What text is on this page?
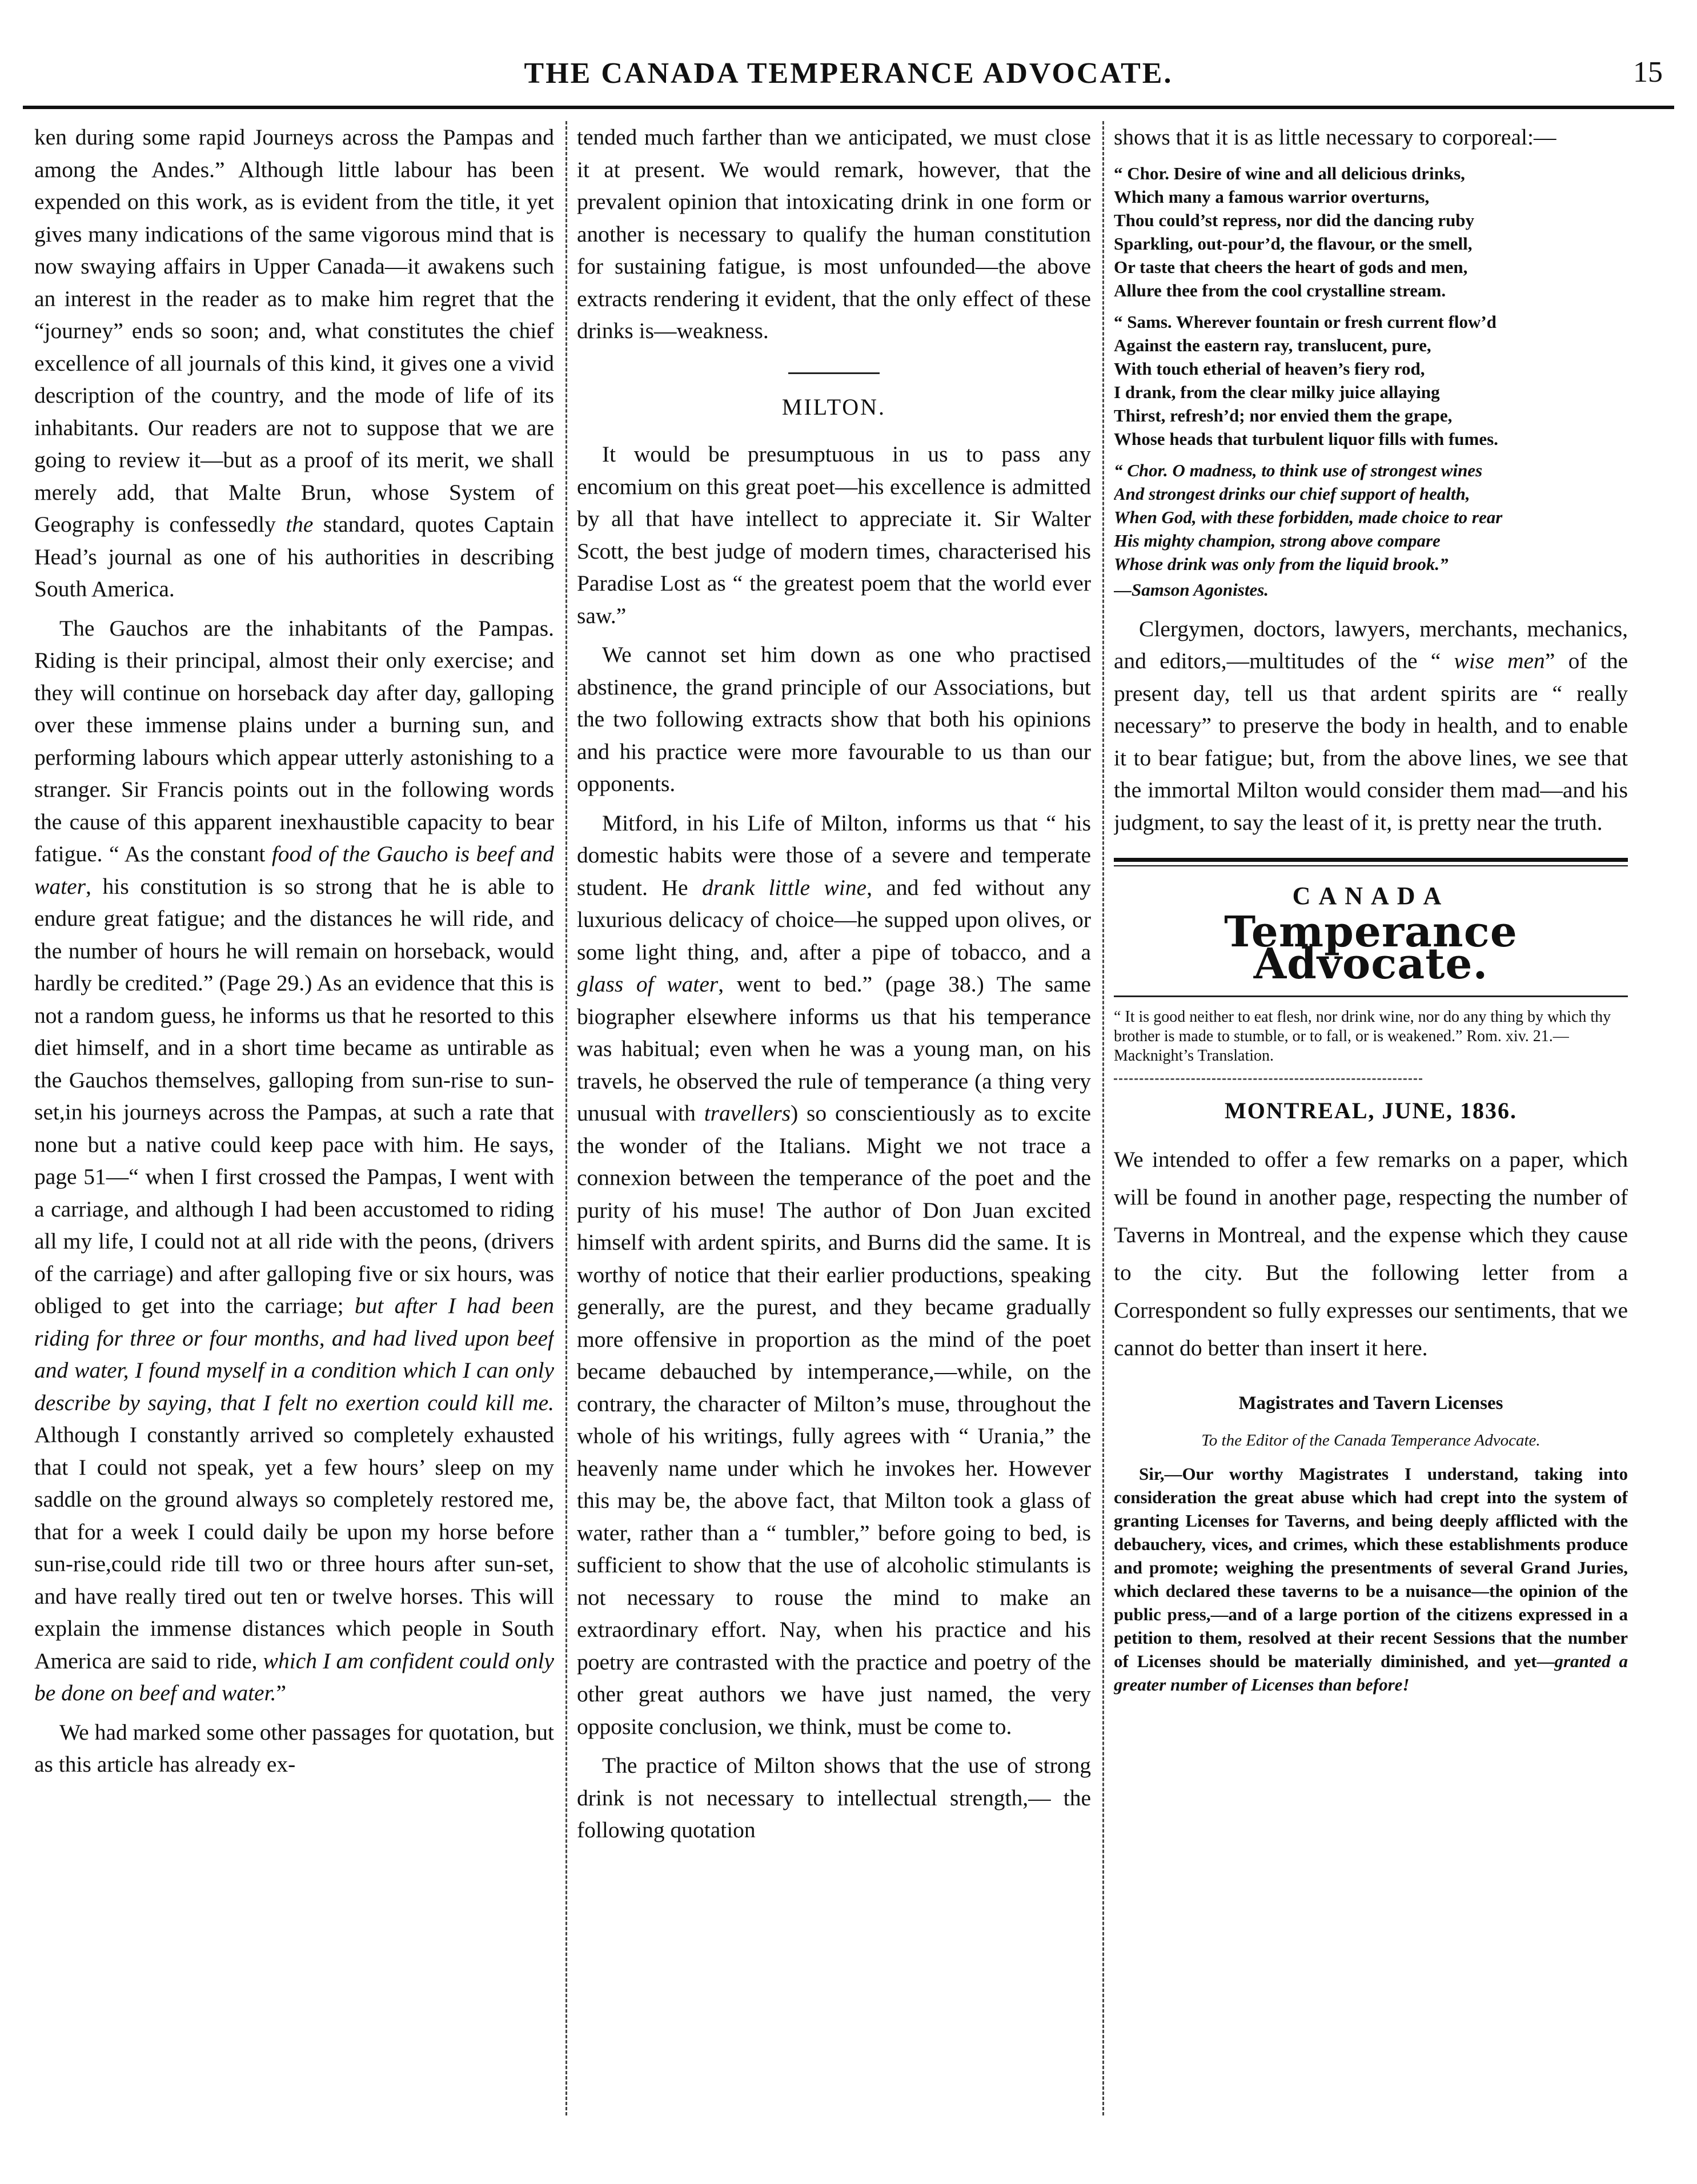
THE CANADA TEMPERANCE ADVOCATE.	15

ken during some rapid Journeys across the Pampas and among the Andes.” Although little labour has been expended on this work, as is evident from the title, it yet gives many indications of the same vigorous mind that is now swaying affairs in Upper Canada—it awakens such an interest in the reader as to make him regret that the “journey” ends so soon; and, what constitutes the chief excellence of all journals of this kind, it gives one a vivid description of the country, and the mode of life of its inhabitants. Our readers are not to suppose that we are going to review it—but as a proof of its merit, we shall merely add, that Malte Brun, whose System of Geography is confessedly the standard, quotes Captain Head’s journal as one of his authorities in describing South America.

The Gauchos are the inhabitants of the Pampas. Riding is their principal, almost their only exercise; and they will continue on horseback day after day, galloping over these immense plains under a burning sun, and performing labours which appear utterly astonishing to a stranger. Sir Francis points out in the following words the cause of this apparent inexhaustible capacity to bear fatigue. “ As the constant food of the Gaucho is beef and water, his constitution is so strong that he is able to endure great fatigue; and the distances he will ride, and the number of hours he will remain on horseback, would hardly be credited.” (Page 29.) As an evidence that this is not a random guess, he informs us that he resorted to this diet himself, and in a short time became as untirable as the Gauchos themselves, galloping from sun-rise to sun-set,in his journeys across the Pampas, at such a rate that none but a native could keep pace with him. He says, page 51—“ when I first crossed the Pampas, I went with a carriage, and although I had been accustomed to riding all my life, I could not at all ride with the peons, (drivers of the carriage) and after galloping five or six hours, was obliged to get into the carriage; but after I had been riding for three or four months, and had lived upon beef and water, I found myself in a condition which I can only describe by saying, that I felt no exertion could kill me. Although I constantly arrived so completely exhausted that I could not speak, yet a few hours’ sleep on my saddle on the ground always so completely restored me, that for a week I could daily be upon my horse before sun-rise,could ride till two or three hours after sun-set, and have really tired out ten or twelve horses. This will explain the immense distances which people in South America are said to ride, which I am confident could only be done on beef and water.”

We had marked some other passages for quotation, but as this article has already ex-

tended much farther than we anticipated, we must close it at present. We would remark, however, that the prevalent opinion that intoxicating drink in one form or another is necessary to qualify the human constitution for sustaining fatigue, is most unfounded—the above extracts rendering it evident, that the only effect of these drinks is—weakness.

MILTON.

It would be presumptuous in us to pass any encomium on this great poet—his excellence is admitted by all that have intellect to appreciate it. Sir Walter Scott, the best judge of modern times, characterised his Paradise Lost as “ the greatest poem that the world ever saw.”

We cannot set him down as one who practised abstinence, the grand principle of our Associations, but the two following extracts show that both his opinions and his practice were more favourable to us than our opponents.

Mitford, in his Life of Milton, informs us that “ his domestic habits were those of a severe and temperate student. He drank little wine, and fed without any luxurious delicacy of choice—he supped upon olives, or some light thing, and, after a pipe of tobacco, and a glass of water, went to bed.” (page 38.) The same biographer elsewhere informs us that his temperance was habitual; even when he was a young man, on his travels, he observed the rule of temperance (a thing very unusual with travellers) so conscientiously as to excite the wonder of the Italians. Might we not trace a connexion between the temperance of the poet and the purity of his muse! The author of Don Juan excited himself with ardent spirits, and Burns did the same. It is worthy of notice that their earlier productions, speaking generally, are the purest, and they became gradually more offensive in proportion as the mind of the poet became debauched by intemperance,—while, on the contrary, the character of Milton’s muse, throughout the whole of his writings, fully agrees with “ Urania,” the heavenly name under which he invokes her. However this may be, the above fact, that Milton took a glass of water, rather than a “ tumbler,” before going to bed, is sufficient to show that the use of alcoholic stimulants is not necessary to rouse the mind to make an extraordinary effort. Nay, when his practice and his poetry are contrasted with the practice and poetry of the other great authors we have just named, the very opposite conclusion, we think, must be come to.

The practice of Milton shows that the use of strong drink is not necessary to intellectual strength,— the following quotation

shows that it is as little necessary to corporeal:—

“ Chor. Desire of wine and all delicious drinks,
Which many a famous warrior overturns,
Thou could’st repress, nor did the dancing ruby
Sparkling, out-pour’d, the flavour, or the smell,
Or taste that cheers the heart of gods and men,
Allure thee from the cool crystalline stream.
“ Sams. Wherever fountain or fresh current flow’d
Against the eastern ray, translucent, pure,
With touch etherial of heaven’s fiery rod,
I drank, from the clear milky juice allaying
Thirst, refresh’d; nor envied them the grape,
Whose heads that turbulent liquor fills with fumes.
“ Chor. O madness, to think use of strongest wines
And strongest drinks our chief support of health,
When God, with these forbidden, made choice to rear
His mighty champion, strong above compare
Whose drink was only from the liquid brook.”
—Samson Agonistes.

Clergymen, doctors, lawyers, merchants, mechanics, and editors,—multitudes of the “ wise men” of the present day, tell us that ardent spirits are “ really necessary” to preserve the body in health, and to enable it to bear fatigue; but, from the above lines, we see that the immortal Milton would consider them mad—and his judgment, to say the least of it, is pretty near the truth.

CANADA
Temperance Advocate.
“ It is good neither to eat flesh, nor drink wine, nor do any thing by which thy brother is made to stumble, or to fall, or is weakened.” Rom. xiv. 21.—Macknight’s Translation.
MONTREAL, JUNE, 1836.

We intended to offer a few remarks on a paper, which will be found in another page, respecting the number of Taverns in Montreal, and the expense which they cause to the city. But the following letter from a Correspondent so fully expresses our sentiments, that we cannot do better than insert it here.

Magistrates and Tavern Licenses
To the Editor of the Canada Temperance Advocate.

Sir,—Our worthy Magistrates I understand, taking into consideration the great abuse which had crept into the system of granting Licenses for Taverns, and being deeply afflicted with the debauchery, vices, and crimes, which these establishments produce and promote; weighing the presentments of several Grand Juries, which declared these taverns to be a nuisance—the opinion of the public press,—and of a large portion of the citizens expressed in a petition to them, resolved at their recent Sessions that the number of Licenses should be materially diminished, and yet—granted a greater number of Licenses than before!
